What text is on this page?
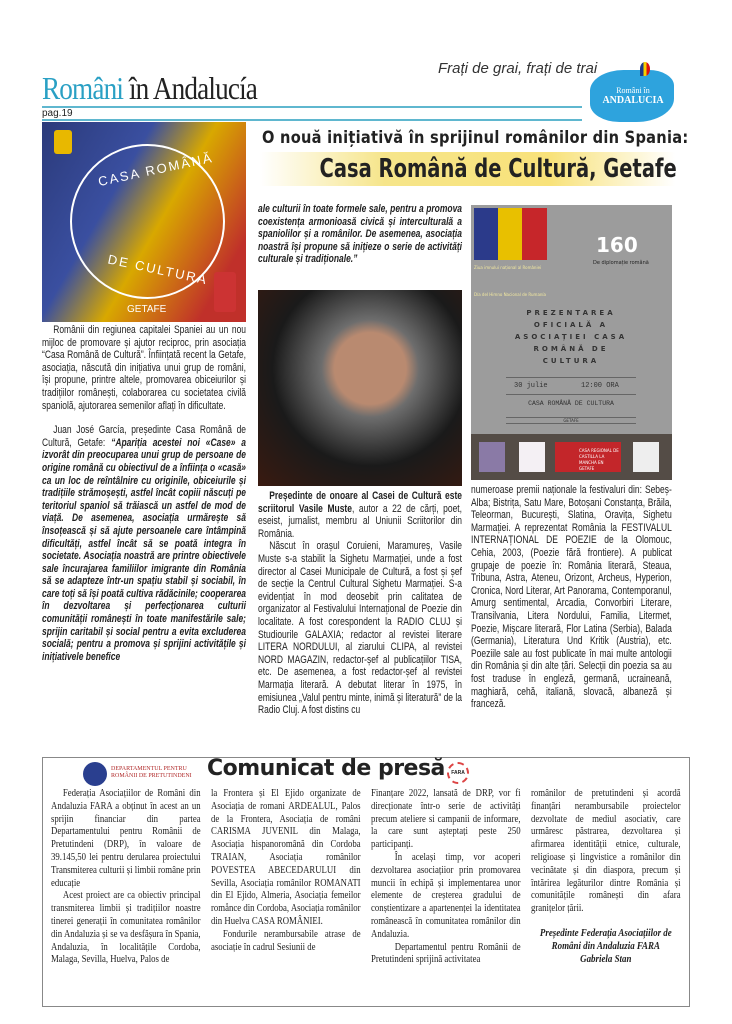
Români în Andalucía
Frați de grai, frați de trai
pag.19
Români în
ANDALUCIA
CASA ROMÂNĂ
DE CULTURA
GETAFE
O nouă inițiativă în sprijinul românilor din Spania:
Casa Română de Cultură, Getafe

Românii din regiunea capitalei Spaniei au un nou mijloc de promovare și ajutor reciproc, prin asociația “Casa Română de Cultură”. Înființată recent la Getafe, asociația, născută din inițiativa unui grup de români, își propune, printre altele, promovarea obiceiurilor și tradițiilor românești, colaborarea cu societatea civilă spaniolă, ajutorarea semenilor aflați în dificultate.

Juan José García, președinte Casa Română de Cultură, Getafe: “Apariția acestei noi «Case» a izvorât din preocuparea unui grup de persoane de origine română cu obiectivul de a înființa o «casă» ca un loc de reîntâlnire cu originile, obiceiurile și tradițiile strămoșești, astfel încât copiii născuți pe teritoriul spaniol să trăiască un astfel de mod de viață. De asemenea, asociația urmărește să însoțească și să ajute persoanele care întâmpină dificultăți, astfel încât să se poată integra în societate. Asociația noastră are printre obiectivele sale încurajarea familiilor imigrante din România să se adapteze într-un spațiu stabil și sociabil, în care toți să își poată cultiva rădăcinile; cooperarea în dezvoltarea și perfecționarea culturii comunității românești în toate manifestările sale; sprijin caritabil și social pentru a evita excluderea socială; pentru a promova și sprijini activitățile și inițiativele benefice

ale culturii în toate formele sale, pentru a promova coexistența armonioasă civică și interculturală a spaniolilor și a românilor. De asemenea, asociația noastră își propune să inițieze o serie de activități culturale și tradiționale.”

Președinte de onoare al Casei de Cultură este scriitorul Vasile Muste, autor a 22 de cărți, poet, eseist, jurnalist, membru al Uniunii Scriitorilor din România.

Născut în orașul Coruieni, Maramureș, Vasile Muste s-a stabilit la Sighetu Marmației, unde a fost director al Casei Municipale de Cultură, a fost și șef de secție la Centrul Cultural Sighetu Marmației. S-a evidențiat în mod deosebit prin calitatea de organizator al Festivalului Internațional de Poezie din localitate. A fost corespondent la RADIO CLUJ și Studiourile GALAXIA; redactor al revistei literare LITERA NORDULUI, al ziarului CLIPA, al revistei NORD MAGAZIN, redactor-șef al publicațiilor TISA, etc. De asemenea, a fost redactor-șef al revistei Marmația literară. A debutat literar în 1975, în emisiunea „Valul pentru minte, inimă și literatură” de la Radio Cluj. A fost distins cu

Ziua imnului național al României
Día del Himno Nacional de Rumanía
160
De diplomație română
PREZENTAREA OFICIALĂ A ASOCIAȚIEI CASA ROMÂNĂ DE CULTURA
30 julie	12:00 ORA
CASA ROMÂNĂ DE CULTURA
GETAFE
CASA REGIONAL DE CASTILLA LA MANCHA EN GETAFE
numeroase premii naționale la festivaluri din: Sebeș-Alba; Bistrița, Satu Mare, Botoșani Constanța, Brăila, Teleorman, București, Slatina, Oravița, Sighetu Marmației. A reprezentat România la FESTIVALUL INTERNAȚIONAL DE POEZIE de la Olomouc, Cehia, 2003, (Poezie fără frontiere). A publicat grupaje de poezie în: România literară, Steaua, Tribuna, Astra, Ateneu, Orizont, Archeus, Hyperion, Cronica, Nord Literar, Art Panorama, Contemporanul, Amurg sentimental, Arcadia, Convorbiri Literare, Transilvania, Litera Nordului, Familia, Litermet, Poezie, Mișcare literară, Flor Latina (Serbia), Balada (Germania), Literatura Und Kritik (Austria), etc. Poeziile sale au fost publicate în mai multe antologii din România și din alte țări. Selecții din poezia sa au fost traduse în engleză, germană, ucraineană, maghiară, cehă, italiană, slovacă, albaneză și franceză.
DEPARTAMENTUL PENTRU
ROMÂNII DE PRETUTINDENI Comunicat de presă	FARA

Federația Asociațiilor de Români din Andaluzia FARA a obținut în acest an un sprijin financiar din partea Departamentului pentru Românii de Pretutindeni (DRP), în valoare de 39.145,50 lei pentru derularea proiectului Transmiterea culturii și limbii române prin educație

Acest proiect are ca obiectiv principal transmiterea limbii și tradițiilor noastre tinerei generații în comunitatea românilor din Andaluzia și se va desfășura în Spania, Andaluzia, în localitățile Cordoba, Malaga, Sevilla, Huelva, Palos de

la Frontera și El Ejido organizate de Asociația de romani ARDEALUL, Palos de la Frontera, Asociația de români CARISMA JUVENIL din Malaga, Asociația hispanoromână din Cordoba TRAIAN, Asociația românilor POVESTEA ABECEDARULUI din Sevilla, Asociația românilor ROMANATI din El Ejido, Almeria, Asociația femeilor romånce din Cordoba, Asociația românilor din Huelva CASA ROMÂNIEI.

Fondurile nerambursabile atrase de asociație în cadrul Sesiunii de

Finanțare 2022, lansată de DRP, vor fi direcționate într-o serie de activități precum ateliere si campanii de informare, la care sunt așteptați peste 250 participanți.

În același timp, vor acoperi dezvoltarea asociațiior prin promovarea muncii în echipă și implementarea unor elemente de creșterea gradului de conștientizare a apartenenței la identitatea românească în comunitatea românilor din Andaluzia.

Departamentul pentru Românii de Pretutindeni sprijină activitatea

românilor de pretutindeni și acordă finanțări nerambursabile proiectelor dezvoltate de mediul asociativ, care urmăresc păstrarea, dezvoltarea și afirmarea identității etnice, culturale, religioase și lingvistice a românilor din vecinătate și din diaspora, precum și întărirea legăturilor dintre România și comunitățile românești din afara granițelor țării.

Președinte Federația Asociațiilor de Români din Andaluzia FARA
Gabriela Stan
